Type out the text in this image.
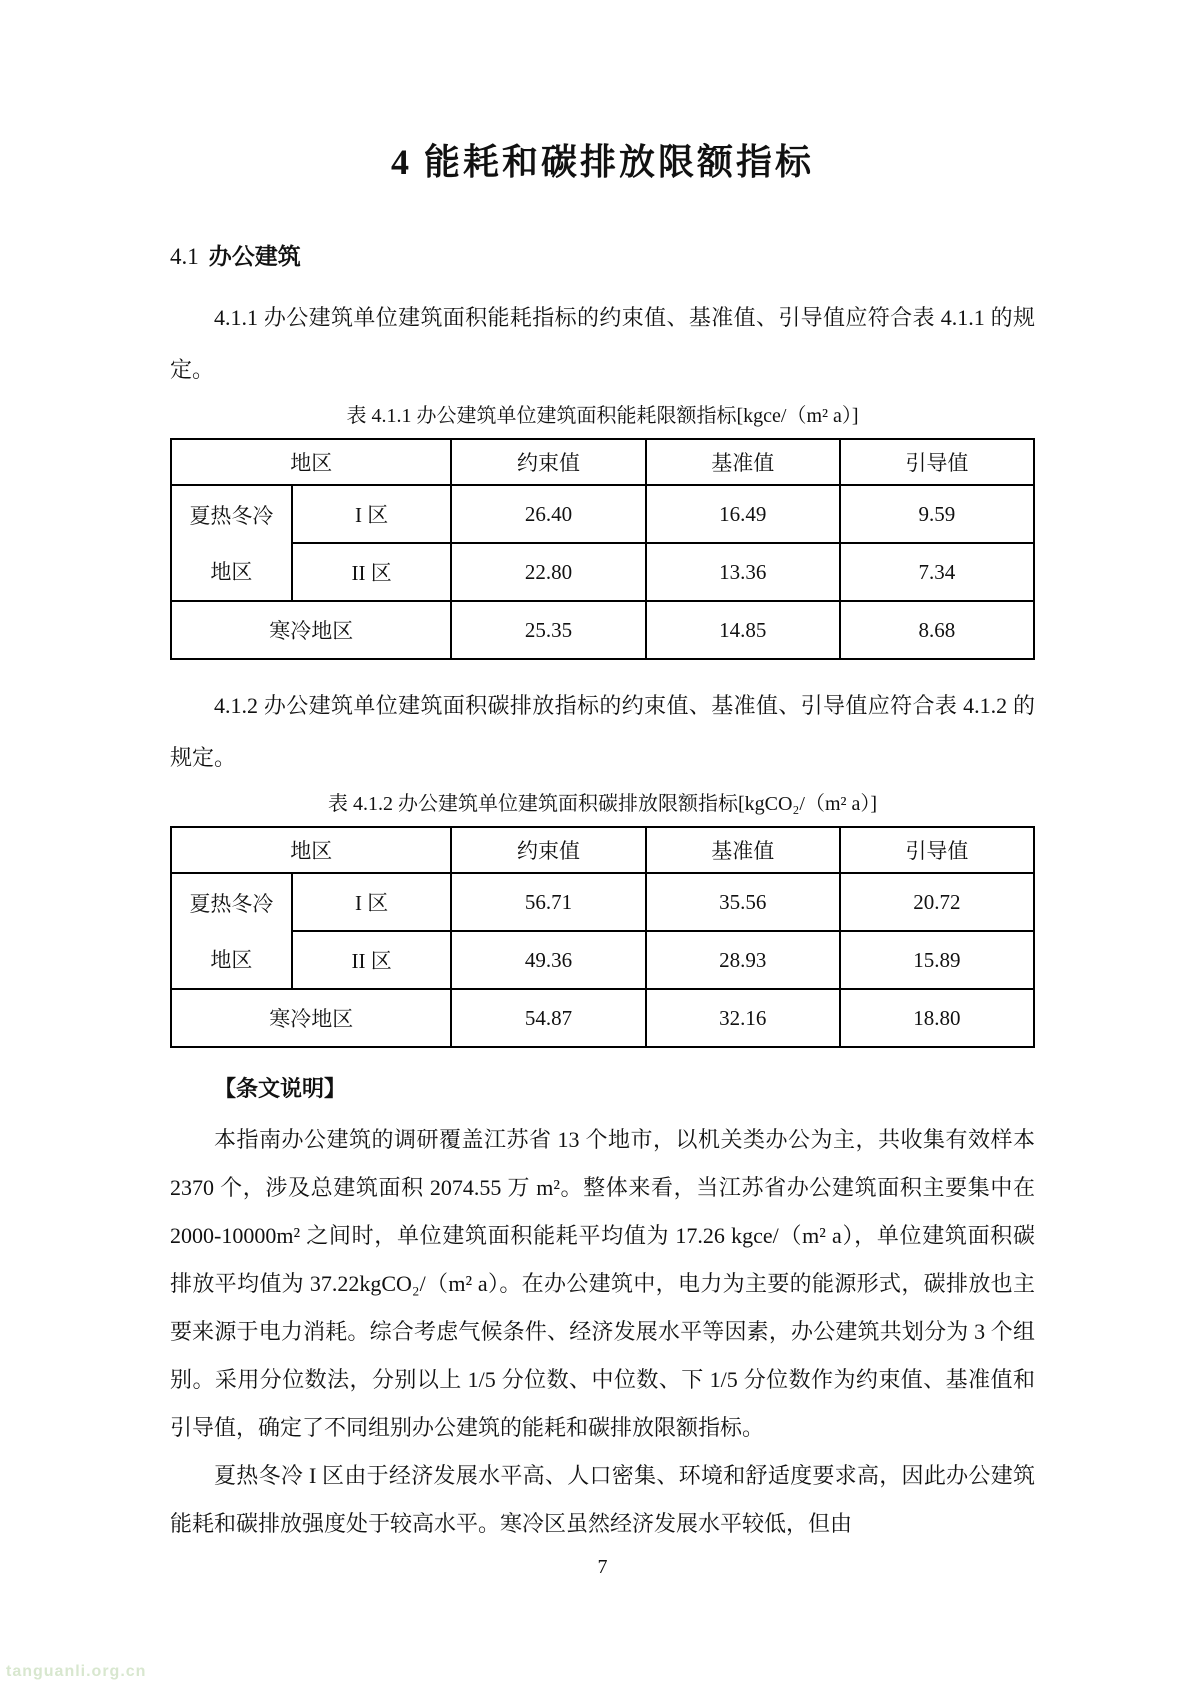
4 能耗和碳排放限额指标
4.1 办公建筑

4.1.1 办公建筑单位建筑面积能耗指标的约束值、基准值、引导值应符合表 4.1.1 的规定。

表 4.1.1 办公建筑单位建筑面积能耗限额指标[kgce/（m² a）]

地区		约束值	基准值	引导值

夏热冬冷
地区	I 区	26.40	16.49	9.59
	II 区	22.80	13.36	7.34
寒冷地区		25.35	14.85	8.68

4.1.2 办公建筑单位建筑面积碳排放指标的约束值、基准值、引导值应符合表 4.1.2 的规定。

表 4.1.2 办公建筑单位建筑面积碳排放限额指标[kgCO₂/（m² a）]

地区		约束值	基准值	引导值

夏热冬冷
地区	I 区	56.71	35.56	20.72
	II 区	49.36	28.93	15.89
寒冷地区		54.87	32.16	18.80
【条文说明】

本指南办公建筑的调研覆盖江苏省 13 个地市，以机关类办公为主，共收集有效样本 2370 个，涉及总建筑面积 2074.55 万 m²。整体来看，当江苏省办公建筑面积主要集中在 2000-10000m² 之间时，单位建筑面积能耗平均值为 17.26 kgce/（m² a），单位建筑面积碳排放平均值为 37.22kgCO₂/（m² a）。在办公建筑中，电力为主要的能源形式，碳排放也主要来源于电力消耗。综合考虑气候条件、经济发展水平等因素，办公建筑共划分为 3 个组别。采用分位数法，分别以上 1/5 分位数、中位数、下 1/5 分位数作为约束值、基准值和引导值，确定了不同组别办公建筑的能耗和碳排放限额指标。

夏热冬冷 I 区由于经济发展水平高、人口密集、环境和舒适度要求高，因此办公建筑能耗和碳排放强度处于较高水平。寒冷区虽然经济发展水平较低，但由

7
tanguanli.org.cn
